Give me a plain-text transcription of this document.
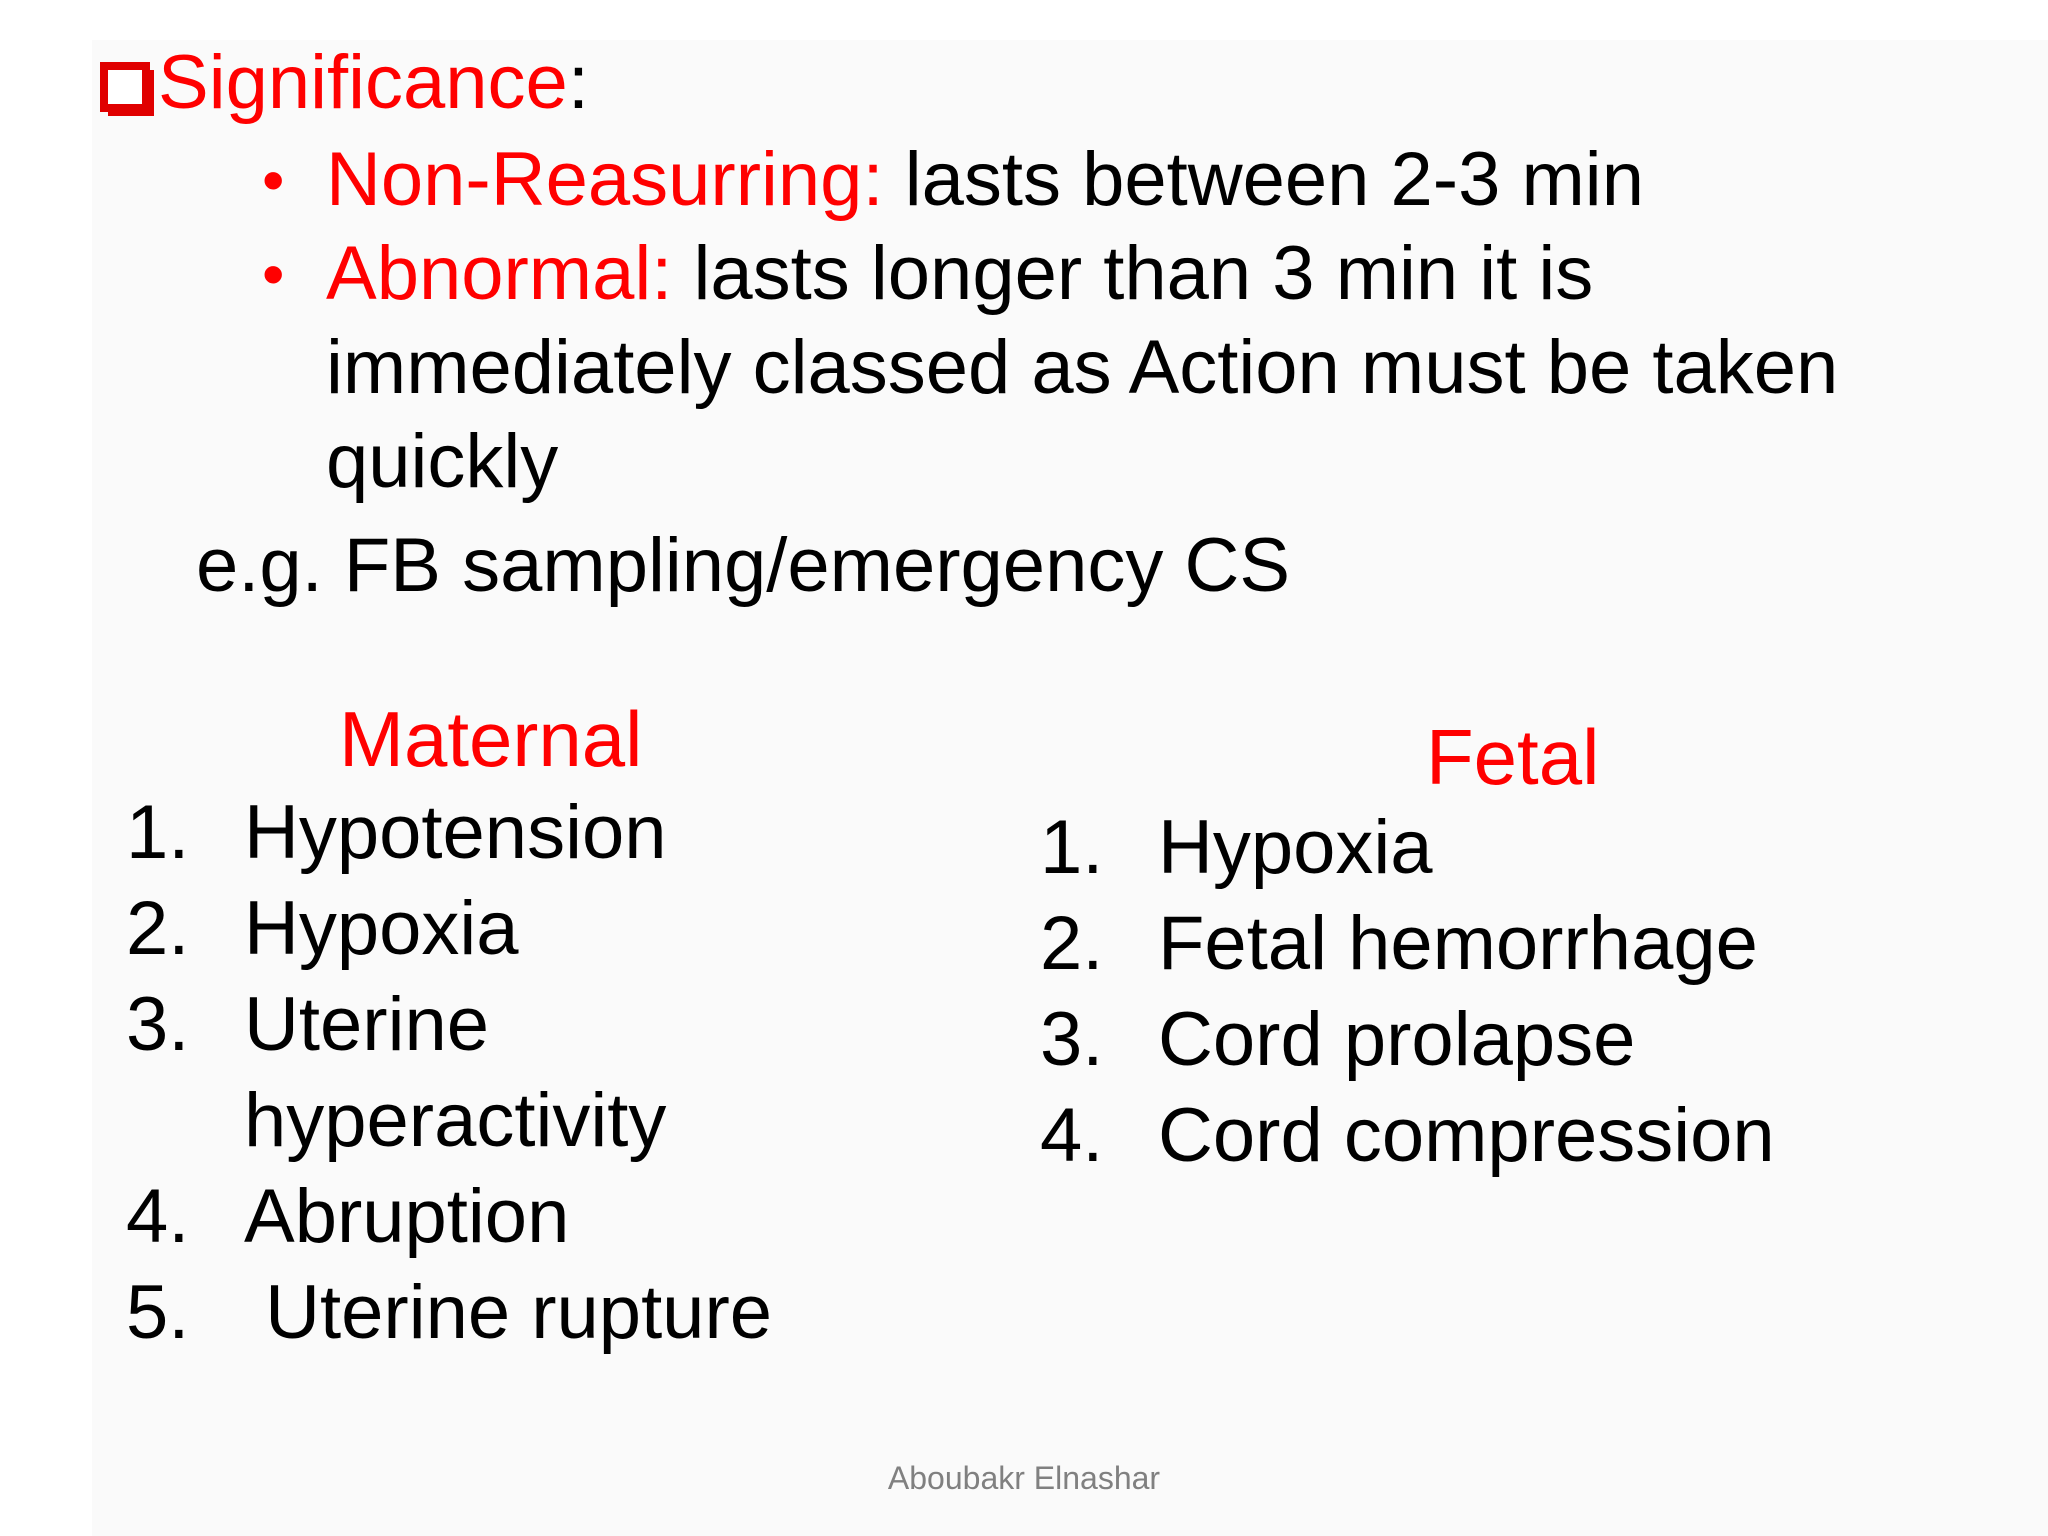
Significance:
• Non-Reasurring: lasts between 2-3 min
• Abnormal: lasts longer than 3 min it is
immediately classed as Action must be taken
quickly
e.g. FB sampling/emergency CS
Maternal
1. Hypotension
2. Hypoxia
3. Uterine
hyperactivity
4. Abruption
5. Uterine rupture
Fetal
1. Hypoxia
2. Fetal hemorrhage
3. Cord prolapse
4. Cord compression
Aboubakr Elnashar
